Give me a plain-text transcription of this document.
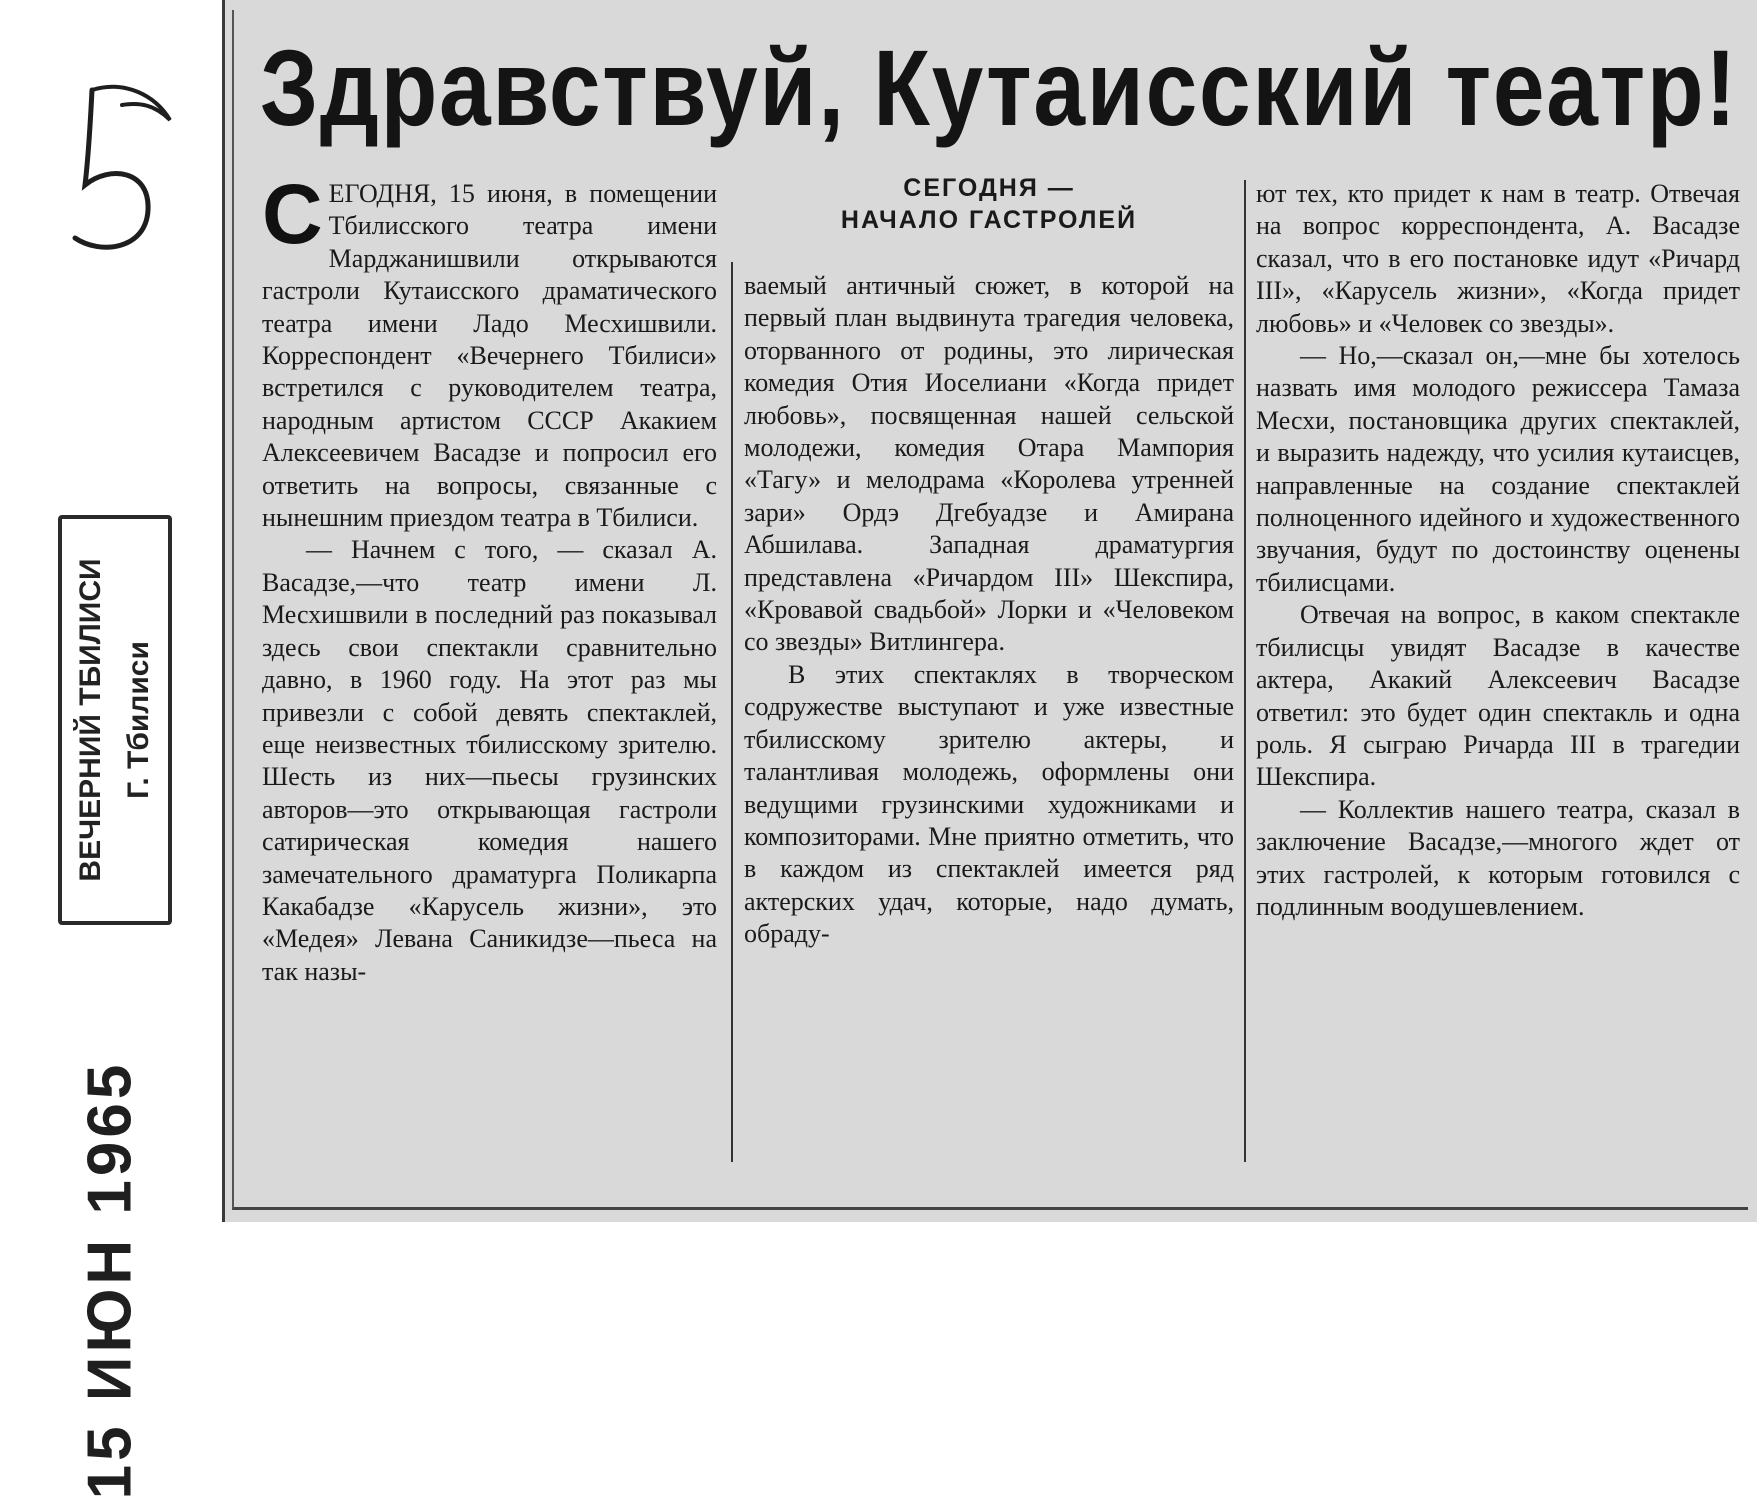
ВЕЧЕРНИЙ ТБИЛИСИ Г. Тбилиси
15 ИЮН 1965
Здравствуй, Кутаисский театр!

С ЕГОДНЯ, 15 июня, в помещении Тбилисского театра имени Марджанишвили открываются гастроли Кутаисского драматического театра имени Ладо Месхишвили. Корреспондент «Вечернего Тбилиси» встретился с руководителем театра, народным артистом СССР Акакием Алексеевичем Васадзе и попросил его ответить на вопросы, связанные с нынешним приездом театра в Тбилиси.

— Начнем с того, — сказал А. Васадзе,—что театр имени Л. Месхишвили в последний раз показывал здесь свои спектакли сравнительно давно, в 1960 году. На этот раз мы привезли с собой девять спектаклей, еще неизвестных тбилисскому зрителю. Шесть из них—пьесы грузинских авторов—это открывающая гастроли сатирическая комедия нашего замечательного драматурга Поликарпа Какабадзе «Карусель жизни», это «Медея» Левана Саникидзе—пьеса на так назы-

СЕГОДНЯ —
НАЧАЛО ГАСТРОЛЕЙ

ваемый античный сюжет, в которой на первый план выдвинута трагедия человека, оторванного от родины, это лирическая комедия Отия Иоселиани «Когда придет любовь», посвященная нашей сельской молодежи, комедия Отара Мампория «Тагу» и мелодрама «Королева утренней зари» Ордэ Дгебуадзе и Амирана Абшилава. Западная драматургия представлена «Ричардом III» Шекспира, «Кровавой свадьбой» Лорки и «Человеком со звезды» Витлингера.

В этих спектаклях в творческом содружестве выступают и уже известные тбилисскому зрителю актеры, и талантливая молодежь, оформлены они ведущими грузинскими художниками и композиторами. Мне приятно отметить, что в каждом из спектаклей имеется ряд актерских удач, которые, надо думать, обраду-

ют тех, кто придет к нам в театр. Отвечая на вопрос корреспондента, А. Васадзе сказал, что в его постановке идут «Ричард III», «Карусель жизни», «Когда придет любовь» и «Человек со звезды».

— Но,—сказал он,—мне бы хотелось назвать имя молодого режиссера Тамаза Месхи, постановщика других спектаклей, и выразить надежду, что усилия кутаисцев, направленные на создание спектаклей полноценного идейного и художественного звучания, будут по достоинству оценены тбилисцами.

Отвечая на вопрос, в каком спектакле тбилисцы увидят Васадзе в качестве актера, Акакий Алексеевич Васадзе ответил: это будет один спектакль и одна роль. Я сыграю Ричарда III в трагедии Шекспира.

— Коллектив нашего театра, сказал в заключение Васадзе,—многого ждет от этих гастролей, к которым готовился с подлинным воодушевлением.
